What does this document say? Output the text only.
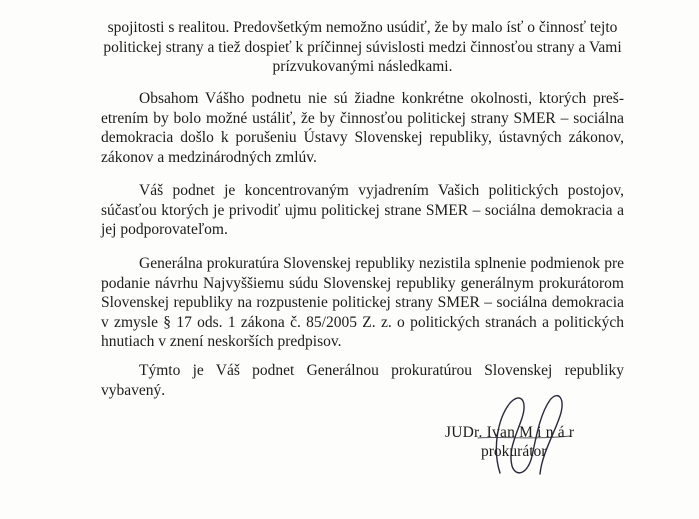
spojitosti s realitou. Predovšetkým nemožno usúdiť, že by malo ísť o činnosť tejto politickej strany a tiež dospieť k príčinnej súvislosti medzi činnosťou strany a Vami prízvukovanými následkami.

Obsahom Vášho podnetu nie sú žiadne konkrétne okolnosti, ktorých prešetrením by bolo možné ustáliť, že by činnosťou politickej strany SMER – sociálna demokracia došlo k porušeniu Ústavy Slovenskej republiky, ústavných zákonov, zákonov a medzinárodných zmlúv.

Váš podnet je koncentrovaným vyjadrením Vašich politických postojov, súčasťou ktorých je privodiť ujmu politickej strane SMER – sociálna demokracia a jej podporovateľom.

Generálna prokuratúra Slovenskej republiky nezistila splnenie podmienok pre podanie návrhu Najvyššiemu súdu Slovenskej republiky generálnym prokurátorom Slovenskej republiky na rozpustenie politickej strany SMER – sociálna demokracia v zmysle § 17 ods. 1 zákona č. 85/2005 Z. z. o politických stranách a politických hnutiach v znení neskorších predpisov.

Týmto je Váš podnet Generálnou prokuratúrou Slovenskej republiky vybavený.

JUDr. Ivan M i n á r
prokurátor
